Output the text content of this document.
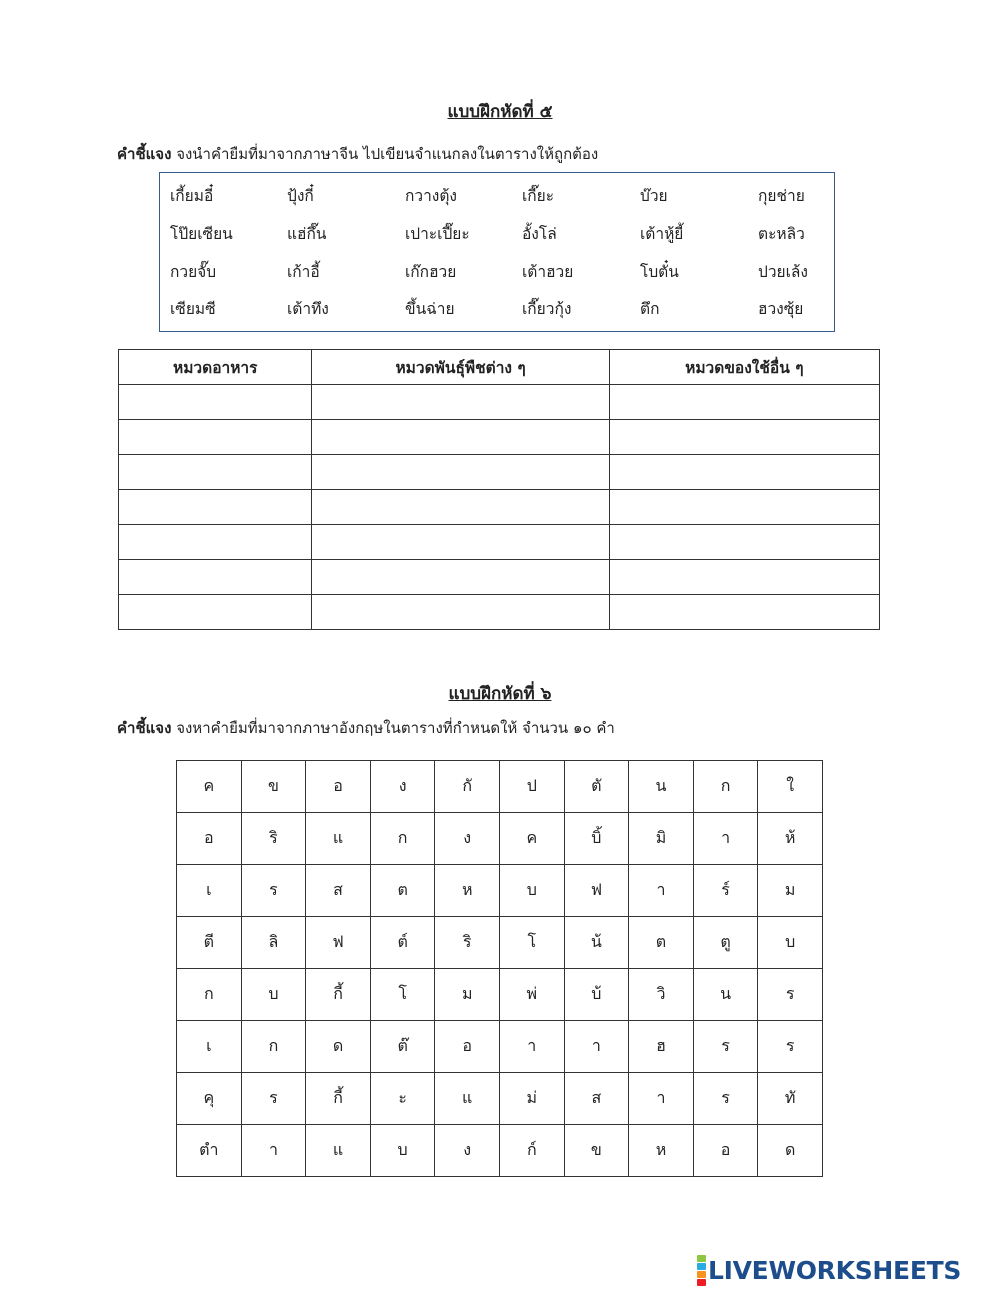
แบบฝึกหัดที่ ๕
คำชี้แจง จงนำคำยืมที่มาจากภาษาจีน ไปเขียนจำแนกลงในตารางให้ถูกต้อง
เกี้ยมอี๋	ปุ้งกี๋	กวางตุ้ง	เกี๊ยะ	บ๊วย	กุยช่าย
โป๊ยเซียน	แฮ่กึ๊น	เปาะเปี๊ยะ	อั้งโล่	เต้าหู้ยี้	ตะหลิว
กวยจั๊บ	เก้าอี้	เก๊กฮวย	เต้าฮวย	โบตั๋น	ปวยเล้ง
เซียมซี	เต้าทึง	ขึ้นฉ่าย	เกี๊ยวกุ้ง	ตึก	ฮวงซุ้ย
หมวดอาหาร	หมวดพันธุ์พืชต่าง ๆ	หมวดของใช้อื่น ๆ

แบบฝึกหัดที่ ๖
คำชี้แจง จงหาคำยืมที่มาจากภาษาอังกฤษในตารางที่กำหนดให้ จำนวน ๑๐ คำ
ค	ข	อ	ง	กั	ป	ตั	น	ก	ใ
อ	ริ	แ	ก	ง	ค	บิ้	มิ	า	ห้
เ	ร	ส	ต	ห	บ	ฟ	า	ร์	ม
ตี	ลิ	ฟ	ต์	ริ	โ	น้	ต	ตู	บ
ก	บ	กี้	โ	ม	พ่	บ้	วิ	น	ร
เ	ก	ด	ต๊	อ	า	า	ฮ	ร	ร
คุ	ร	กี้	ะ	แ	ม่	ส	า	ร	ทั
ตำ	า	แ	บ	ง	ก์	ข	ห	อ	ด
LIVEWORKSHEETS
